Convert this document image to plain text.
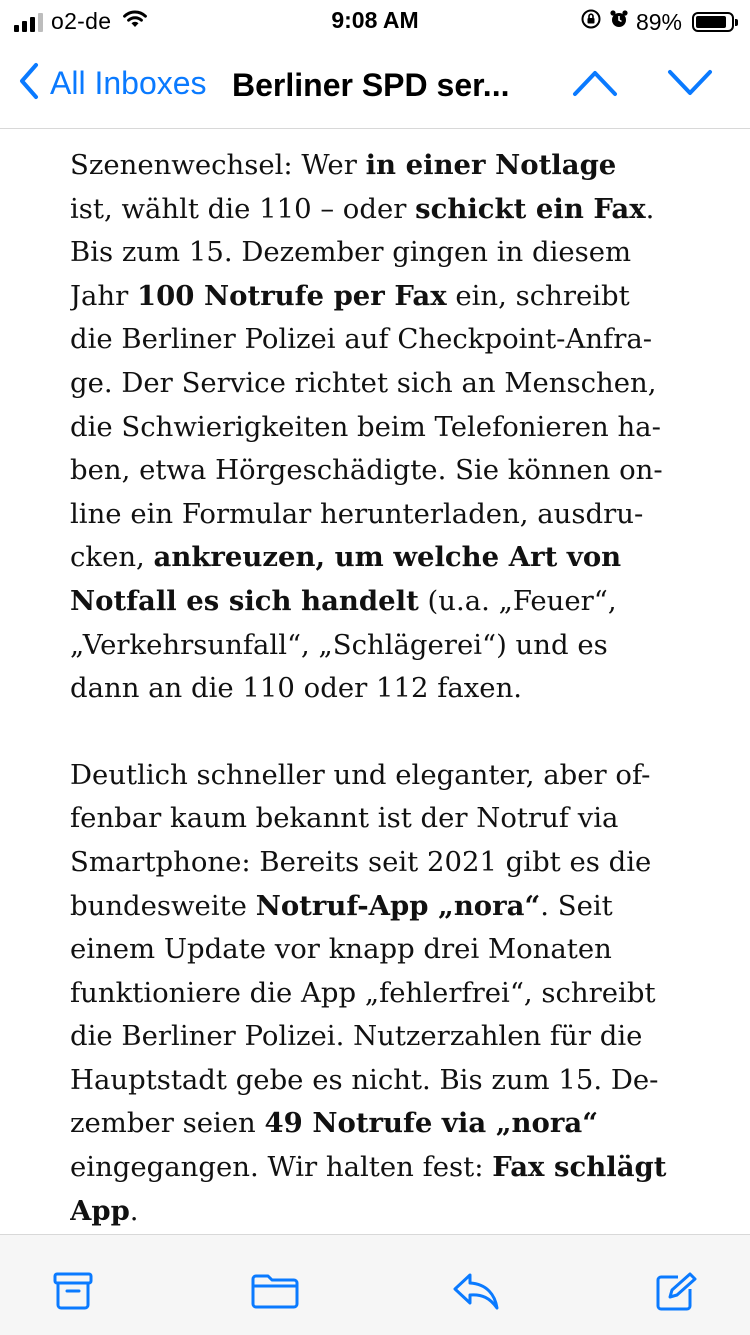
o2-de	9:08 AM	89%
All Inboxes Berliner SPD ser...

Szenenwechsel: Wer in einer Notlage
ist, wählt die 110 – oder schickt ein Fax.
Bis zum 15. Dezember gingen in diesem
Jahr 100 Notrufe per Fax ein, schreibt
die Berliner Polizei auf Checkpoint-Anfra-
ge. Der Service richtet sich an Menschen,
die Schwierigkeiten beim Telefonieren ha-
ben, etwa Hörgeschädigte. Sie können on-
line ein Formular herunterladen, ausdru-
cken, ankreuzen, um welche Art von
Notfall es sich handelt (u.a. „Feuer“,
„Verkehrsunfall“, „Schlägerei“) und es
dann an die 110 oder 112 faxen.

Deutlich schneller und eleganter, aber of-
fenbar kaum bekannt ist der Notruf via
Smartphone: Bereits seit 2021 gibt es die
bundesweite Notruf-App „nora“. Seit
einem Update vor knapp drei Monaten
funktioniere die App „fehlerfrei“, schreibt
die Berliner Polizei. Nutzerzahlen für die
Hauptstadt gebe es nicht. Bis zum 15. De-
zember seien 49 Notrufe via „nora“
eingegangen. Wir halten fest: Fax schlägt
App.
